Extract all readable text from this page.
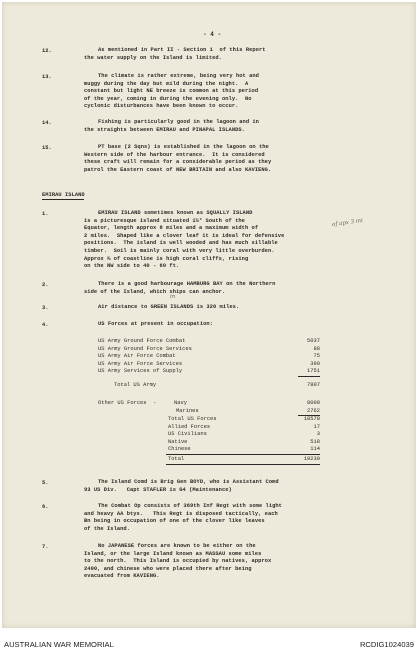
- 4 -
12.	As mentioned in Part II - Section 1  of this Report
the water supply on the Island is limited.
13.	The climate is rather extreme, being very hot and
muggy during the day but mild during the night.  A
constant but light NE breeze is common at this period
of the year, coming in during the evening only.  No
cyclonic disturbances have been known to occur.
14.	Fishing is particularly good in the lagoon and in
the straights between EMIRAU and PINAPAL ISLANDS.
15.	PT base (2 Sqns) is established in the lagoon on the
Western side of the harbour entrance.  It is considered
these craft will remain for a considerable period as they
patrol the Eastern coast of NEW BRITAIN and also KAVIENG.
EMIRAU ISLAND
1.	EMIRAU ISLAND sometimes known as SQUALLY ISLAND
is a picturesque island situated 1½° South of the
Equator, length approx 8 miles and a maximum width of
2 miles.  Shaped like a clover leaf it is ideal for defensive
positions.  The island is well wooded and has much sillable
timber.  Soil is mainly coral with very little overburden.
Approx ⅔ of coastline is high coral cliffs, rising
on the NW side to 40 - 60 ft.
of apx 3 mi
2.	There is a good harbourage HAMBURG BAY on the Northern
side of the Island, which ships can anchor.
in
3.	Air distance to GREEN ISLANDS is 320 miles.
4.	US Forces at present in occupation:
US Army Ground Force Combat	5037
US Army Ground Force Services	88
US Army Air Force Combat	75
US Army Air Force Services	390
US Army Services of Supply	1751
Total US Army	7807
Other US Forces  -	Navy	8009
Marines	2762
Total US Forces	18578
Allied Forces	17
US Civilians	3
Native	518
Chinese	114
Total	19230
5.	The Island Comd is Brig Gen BOYD, who is Assistant Comd
93 US Div.   Capt STAFLER is G4 (Maintenance)
6.	The Combat Op consists of 369th Inf Regt with some light
and heavy AA btys.   This Regt is disposed tactically, each
Bn being in occupation of one of the clover like leaves
of the Island.
7.	No JAPANESE forces are known to be either on the
Island, or the large Island known as MASSAU some miles
to the north.  This Island is occupied by natives, approx
2400, and chinese who were placed there after being
evacuated from KAVIENG.
AUSTRALIAN WAR MEMORIAL	RCDIG1024039
